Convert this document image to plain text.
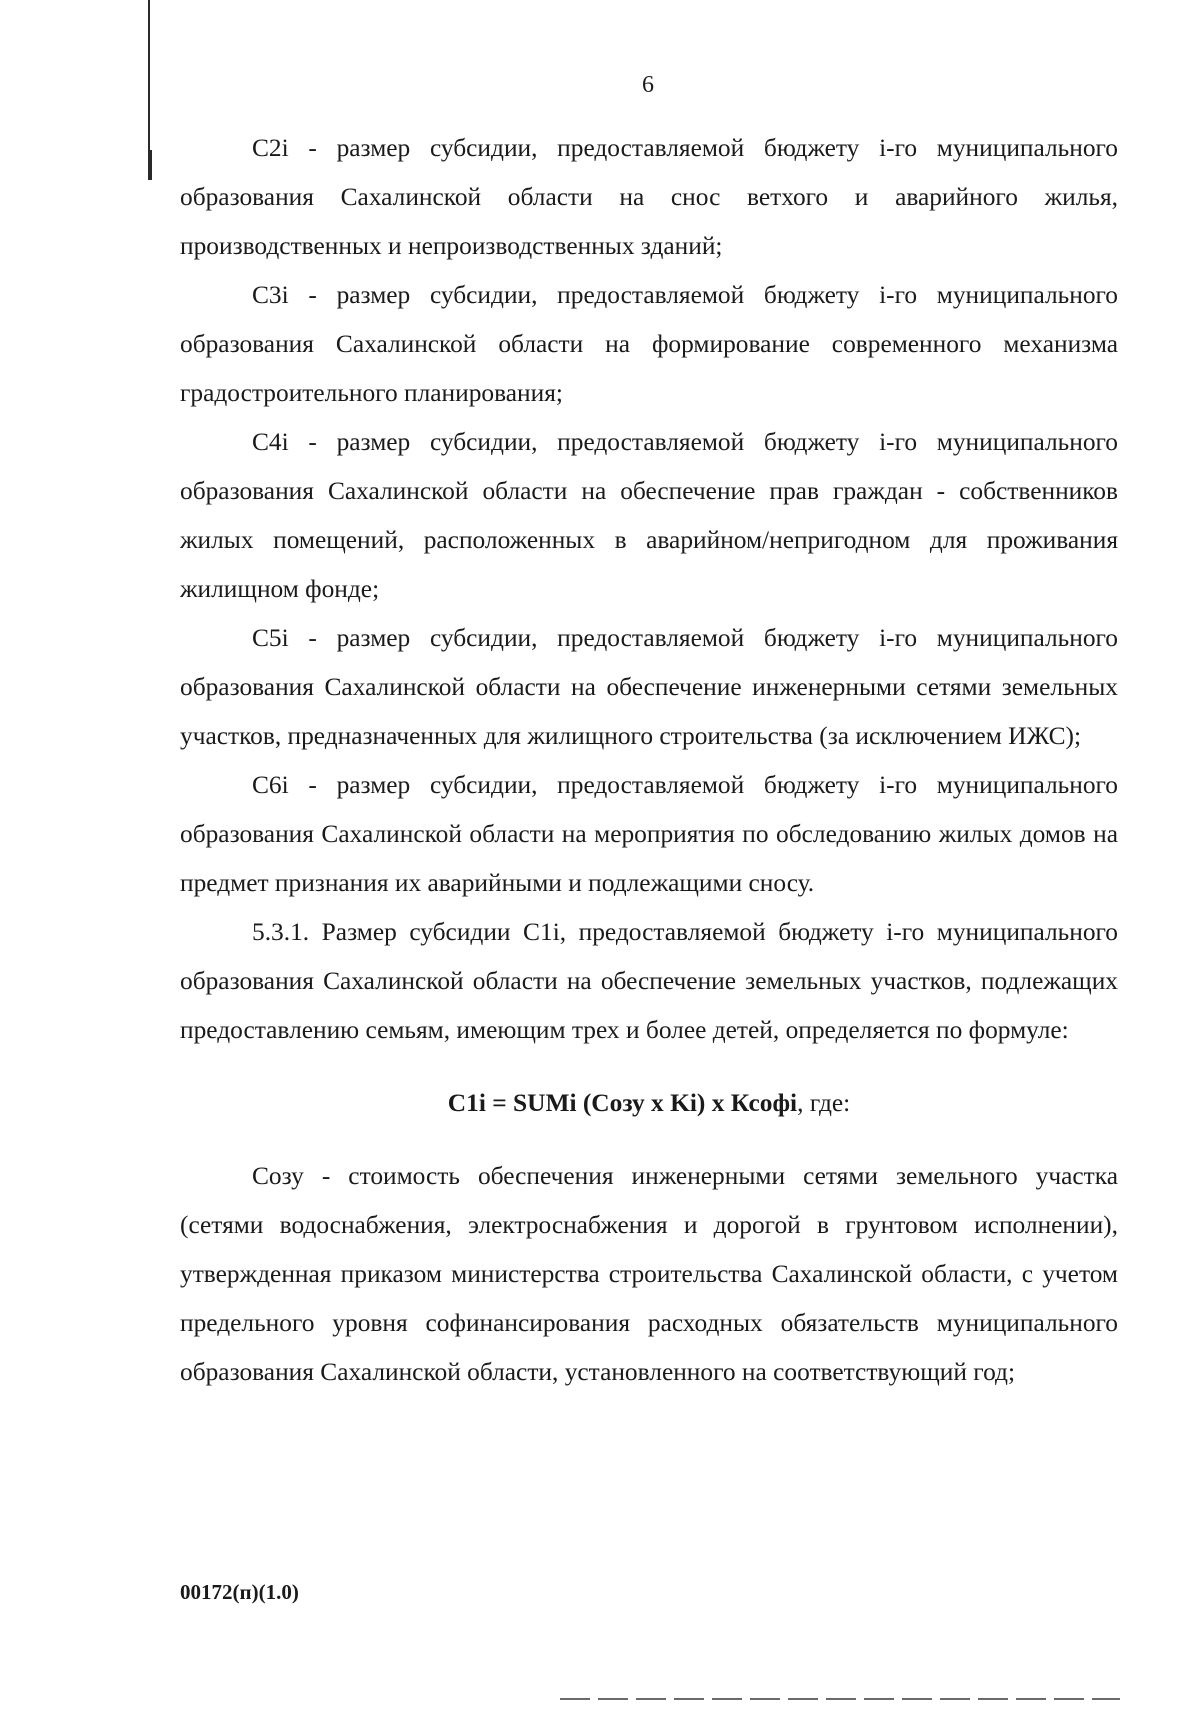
6

C2i - размер субсидии, предоставляемой бюджету i-го муниципального образования Сахалинской области на снос ветхого и аварийного жилья, производственных и непроизводственных зданий;

C3i - размер субсидии, предоставляемой бюджету i-го муниципального образования Сахалинской области на формирование современного механизма градостроительного планирования;

C4i - размер субсидии, предоставляемой бюджету i-го муниципального образования Сахалинской области на обеспечение прав граждан - собственников жилых помещений, расположенных в аварийном/непригодном для проживания жилищном фонде;

C5i - размер субсидии, предоставляемой бюджету i-го муниципального образования Сахалинской области на обеспечение инженерными сетями земельных участков, предназначенных для жилищного строительства (за исключением ИЖС);

C6i - размер субсидии, предоставляемой бюджету i-го муниципального образования Сахалинской области на мероприятия по обследованию жилых домов на предмет признания их аварийными и подлежащими сносу.

5.3.1. Размер субсидии C1i, предоставляемой бюджету i-го муниципального образования Сахалинской области на обеспечение земельных участков, подлежащих предоставлению семьям, имеющим трех и более детей, определяется по формуле:

C1i = SUMi (Созу x Ki) x Ксофi, где:

Созу - стоимость обеспечения инженерными сетями земельного участка (сетями водоснабжения, электроснабжения и дорогой в грунтовом исполнении), утвержденная приказом министерства строительства Сахалинской области, с учетом предельного уровня софинансирования расходных обязательств муниципального образования Сахалинской области, установленного на соответствующий год;

00172(п)(1.0)
